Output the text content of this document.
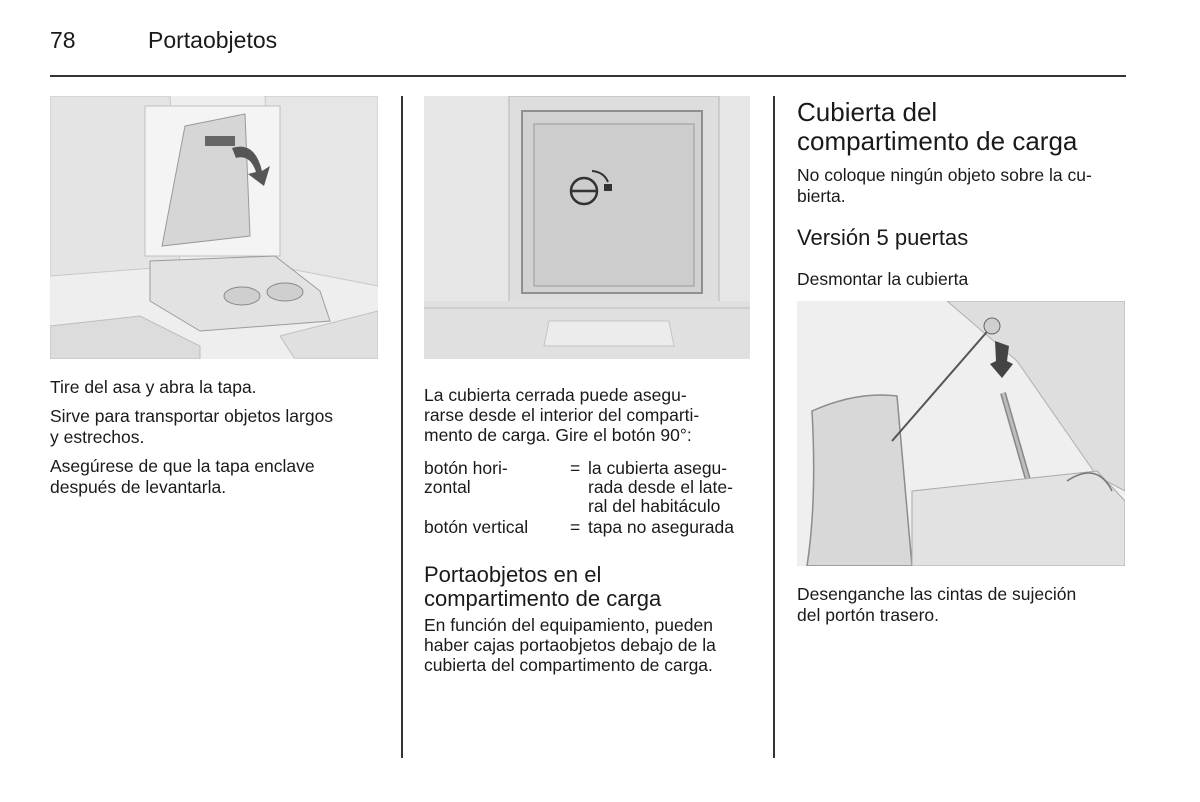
78	Portaobjetos

Tire del asa y abra la tapa.

Sirve para transportar objetos largos

y estrechos.

Asegúrese de que la tapa enclave

después de levantarla.

La cubierta cerrada puede asegu-

rarse desde el interior del comparti-

mento de carga. Gire el botón 90°:

botón hori-

zontal

= la cubierta asegu-

rada desde el late-

ral del habitáculo

botón vertical	= tapa no asegurada

Portaobjetos en el

compartimento de carga

En función del equipamiento, pueden

haber cajas portaobjetos debajo de la

cubierta del compartimento de carga.

Cubierta del

compartimento de carga

No coloque ningún objeto sobre la cu-

bierta.

Versión 5 puertas
Desmontar la cubierta

Desenganche las cintas de sujeción

del portón trasero.
